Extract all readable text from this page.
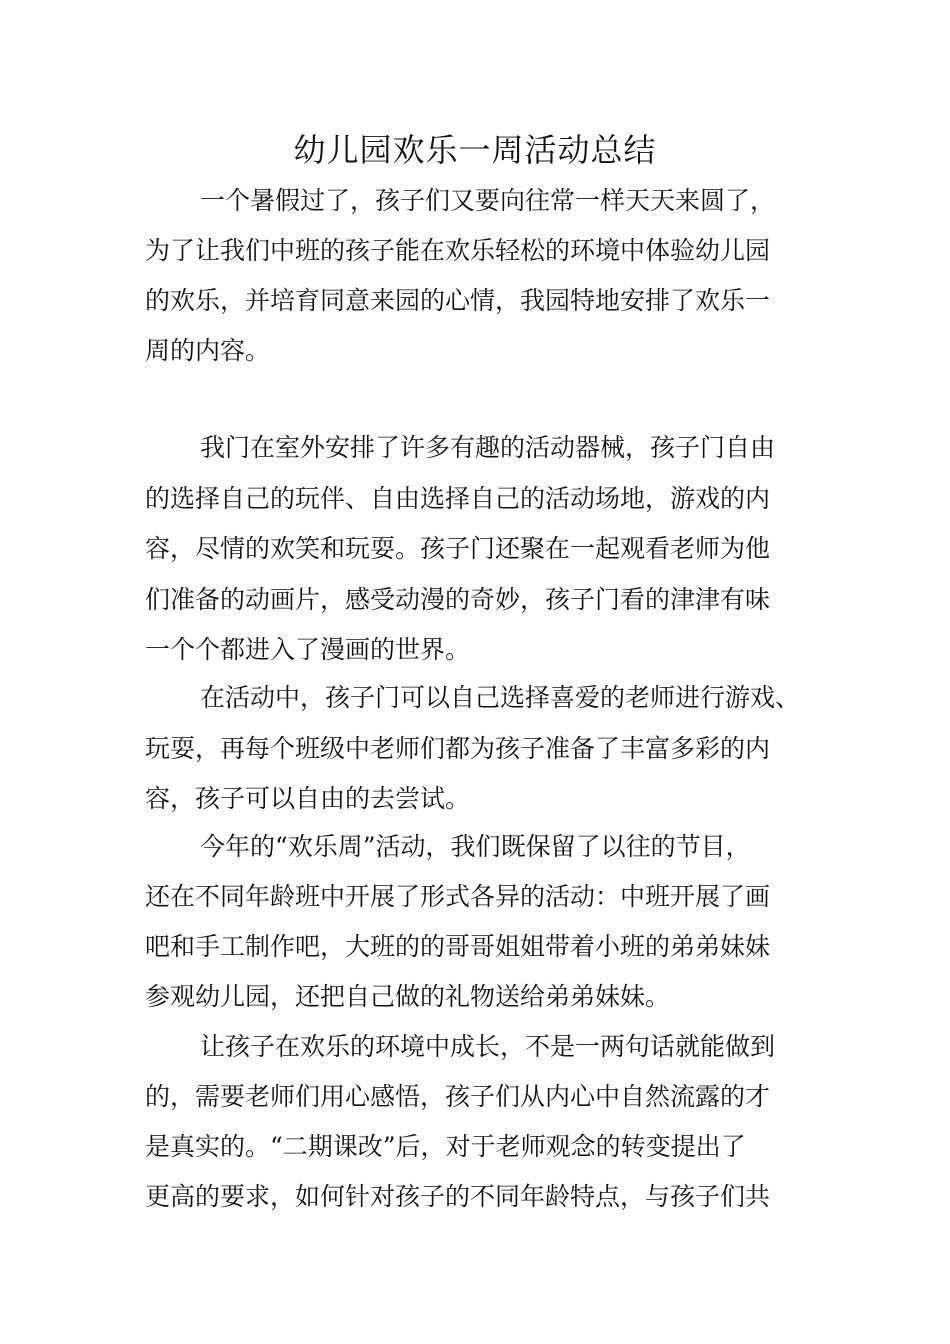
幼儿园欢乐一周活动总结

一个暑假过了，孩子们又要向往常一样天天来圆了，

为了让我们中班的孩子能在欢乐轻松的环境中体验幼儿园

的欢乐，并培育同意来园的心情，我园特地安排了欢乐一

周的内容。

我门在室外安排了许多有趣的活动器械，孩子门自由

的选择自己的玩伴、自由选择自己的活动场地，游戏的内

容，尽情的欢笑和玩耍。孩子门还聚在一起观看老师为他

们准备的动画片，感受动漫的奇妙，孩子门看的津津有味

一个个都进入了漫画的世界。

在活动中，孩子门可以自己选择喜爱的老师进行游戏、

玩耍，再每个班级中老师们都为孩子准备了丰富多彩的内

容，孩子可以自由的去尝试。

今年的“欢乐周”活动，我们既保留了以往的节目，

还在不同年龄班中开展了形式各异的活动：中班开展了画

吧和手工制作吧，大班的的哥哥姐姐带着小班的弟弟妹妹

参观幼儿园，还把自己做的礼物送给弟弟妹妹。

让孩子在欢乐的环境中成长，不是一两句话就能做到

的，需要老师们用心感悟，孩子们从内心中自然流露的才

是真实的。“二期课改”后，对于老师观念的转变提出了

更高的要求，如何针对孩子的不同年龄特点，与孩子们共
